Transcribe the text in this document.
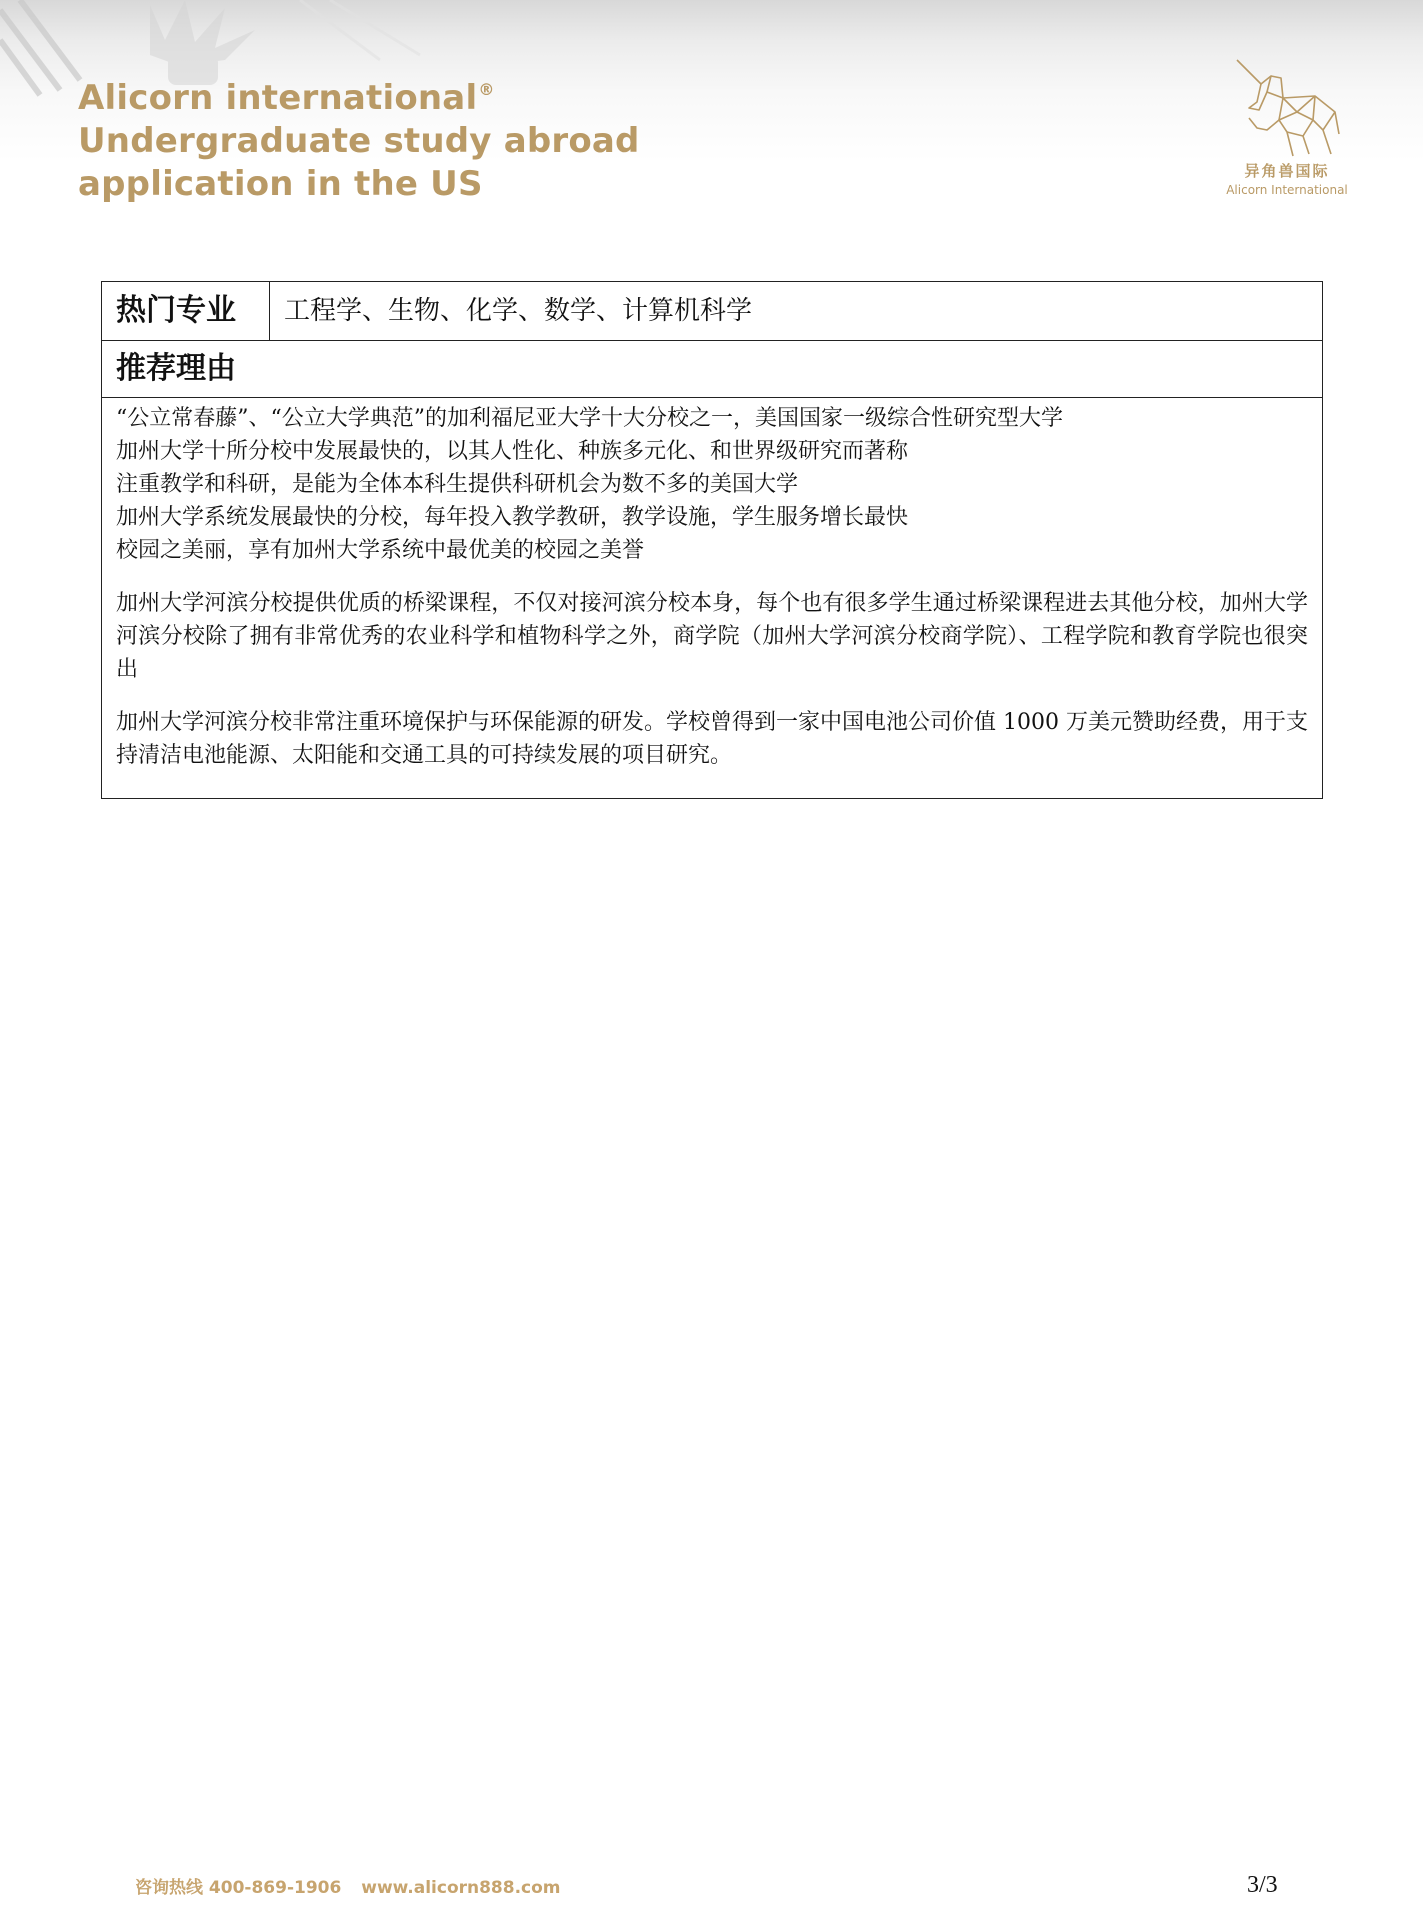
Alicorn international®
Undergraduate study abroad
application in the US	异角兽国际
Alicorn International
热门专业	工程学、生物、化学、数学、计算机科学
推荐理由
“公立常春藤”、“公立大学典范”的加利福尼亚大学十大分校之一，美国国家一级综合性研究型大学
加州大学十所分校中发展最快的，以其人性化、种族多元化、和世界级研究而著称
注重教学和科研，是能为全体本科生提供科研机会为数不多的美国大学
加州大学系统发展最快的分校，每年投入教学教研，教学设施，学生服务增长最快
校园之美丽，享有加州大学系统中最优美的校园之美誉
加州大学河滨分校提供优质的桥梁课程，不仅对接河滨分校本身，每个也有很多学生通过桥梁课程进去其他分校，加州大学河滨分校除了拥有非常优秀的农业科学和植物科学之外，商学院（加州大学河滨分校商学院）、工程学院和教育学院也很突出
加州大学河滨分校非常注重环境保护与环保能源的研发。学校曾得到一家中国电池公司价值 1000 万美元赞助经费，用于支持清洁电池能源、太阳能和交通工具的可持续发展的项目研究。
咨询热线 400-869-1906 www.alicorn888.com	3/3
